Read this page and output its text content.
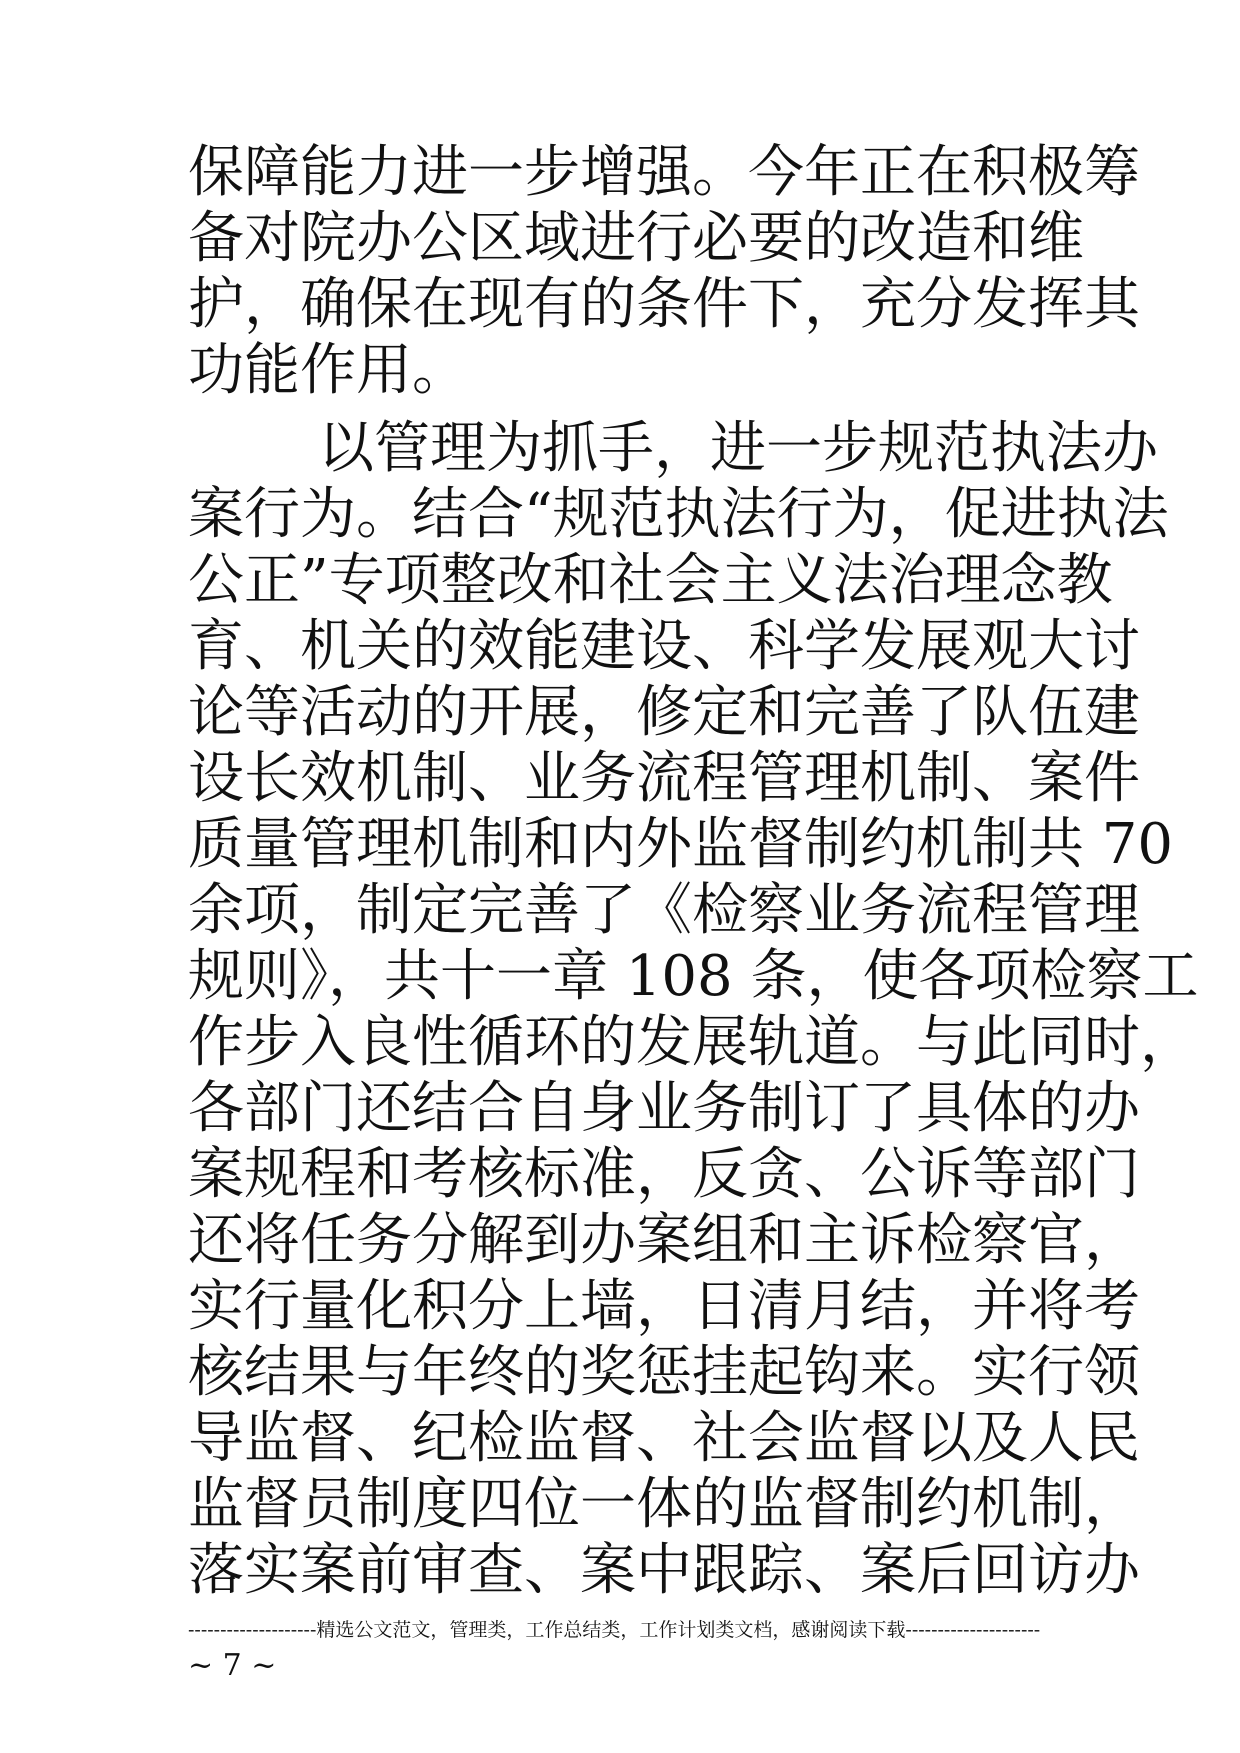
保障能力进一步增强。今年正在积极筹
备对院办公区域进行必要的改造和维
护，确保在现有的条件下，充分发挥其
功能作用。
以管理为抓手，进一步规范执法办
案行为。结合“规范执法行为，促进执法
公正”专项整改和社会主义法治理念教
育、机关的效能建设、科学发展观大讨
论等活动的开展，修定和完善了队伍建
设长效机制、业务流程管理机制、案件
质量管理机制和内外监督制约机制共 70
余项，制定完善了《检察业务流程管理
规则》，共十一章 108 条，使各项检察工
作步入良性循环的发展轨道。与此同时，
各部门还结合自身业务制订了具体的办
案规程和考核标准，反贪、公诉等部门
还将任务分解到办案组和主诉检察官，
实行量化积分上墙，日清月结，并将考
核结果与年终的奖惩挂起钩来。实行领
导监督、纪检监督、社会监督以及人民
监督员制度四位一体的监督制约机制，
落实案前审查、案中跟踪、案后回访办
--------------------精选公文范文，管理类，工作总结类，工作计划类文档，感谢阅读下载---------------------
~ 7 ~
